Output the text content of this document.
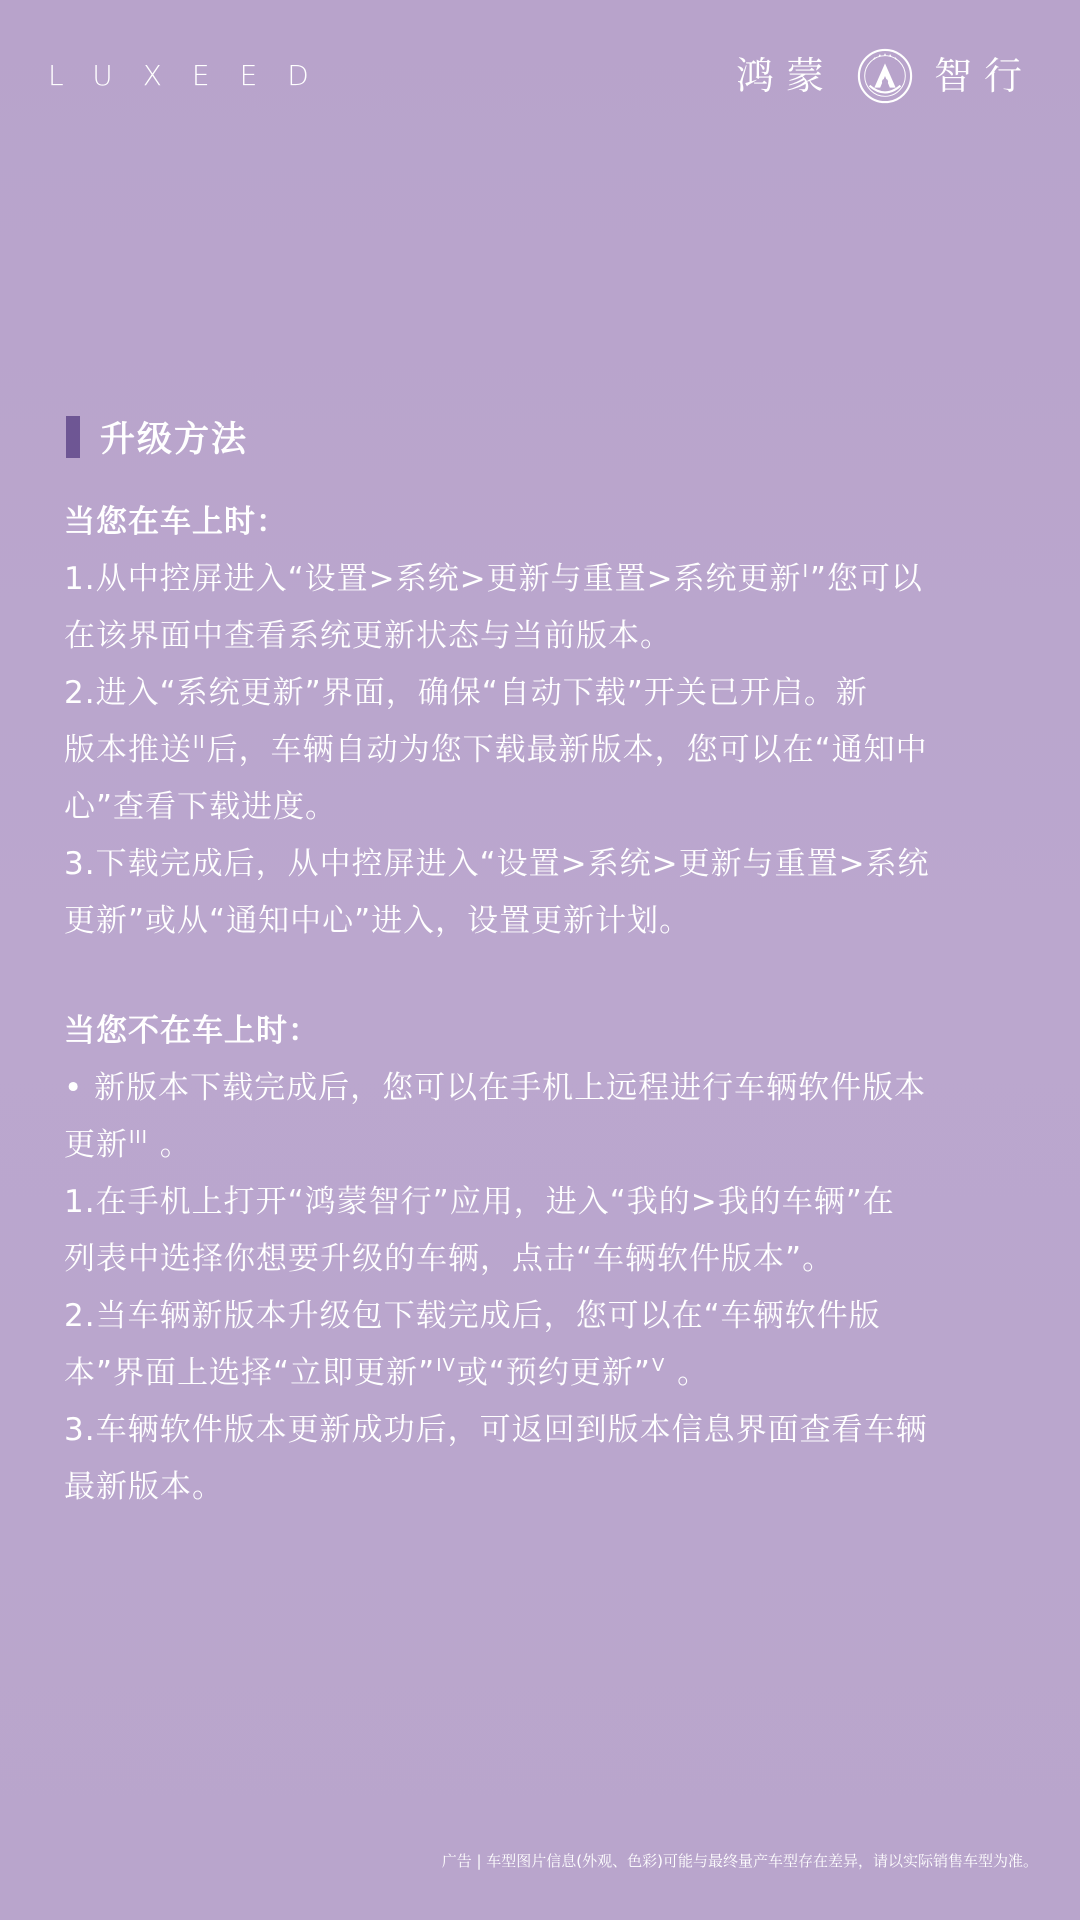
LUXEED	鸿蒙	智行
升级方法

当您在车上时：

1.从中控屏进入“设置>系统>更新与重置>系统更新$^I$”您可以

在该界面中查看系统更新状态与当前版本。

2.进入“系统更新”界面，确保“自动下载”开关已开启。新

版本推送$^{II}$后，车辆自动为您下载最新版本，您可以在“通知中

心”查看下载进度。

3.下载完成后，从中控屏进入“设置>系统>更新与重置>系统

更新”或从“通知中心”进入，设置更新计划。

当您不在车上时：

• 新版本下载完成后，您可以在手机上远程进行车辆软件版本

更新$^{III}$ 。

1.在手机上打开“鸿蒙智行”应用，进入“我的>我的车辆”在

列表中选择你想要升级的车辆，点击“车辆软件版本”。

2.当车辆新版本升级包下载完成后，您可以在“车辆软件版

本”界面上选择“立即更新”$^{IV}$或“预约更新”$^V$ 。

3.车辆软件版本更新成功后，可返回到版本信息界面查看车辆

最新版本。

广告 | 车型图片信息(外观、色彩)可能与最终量产车型存在差异，请以实际销售车型为准。
